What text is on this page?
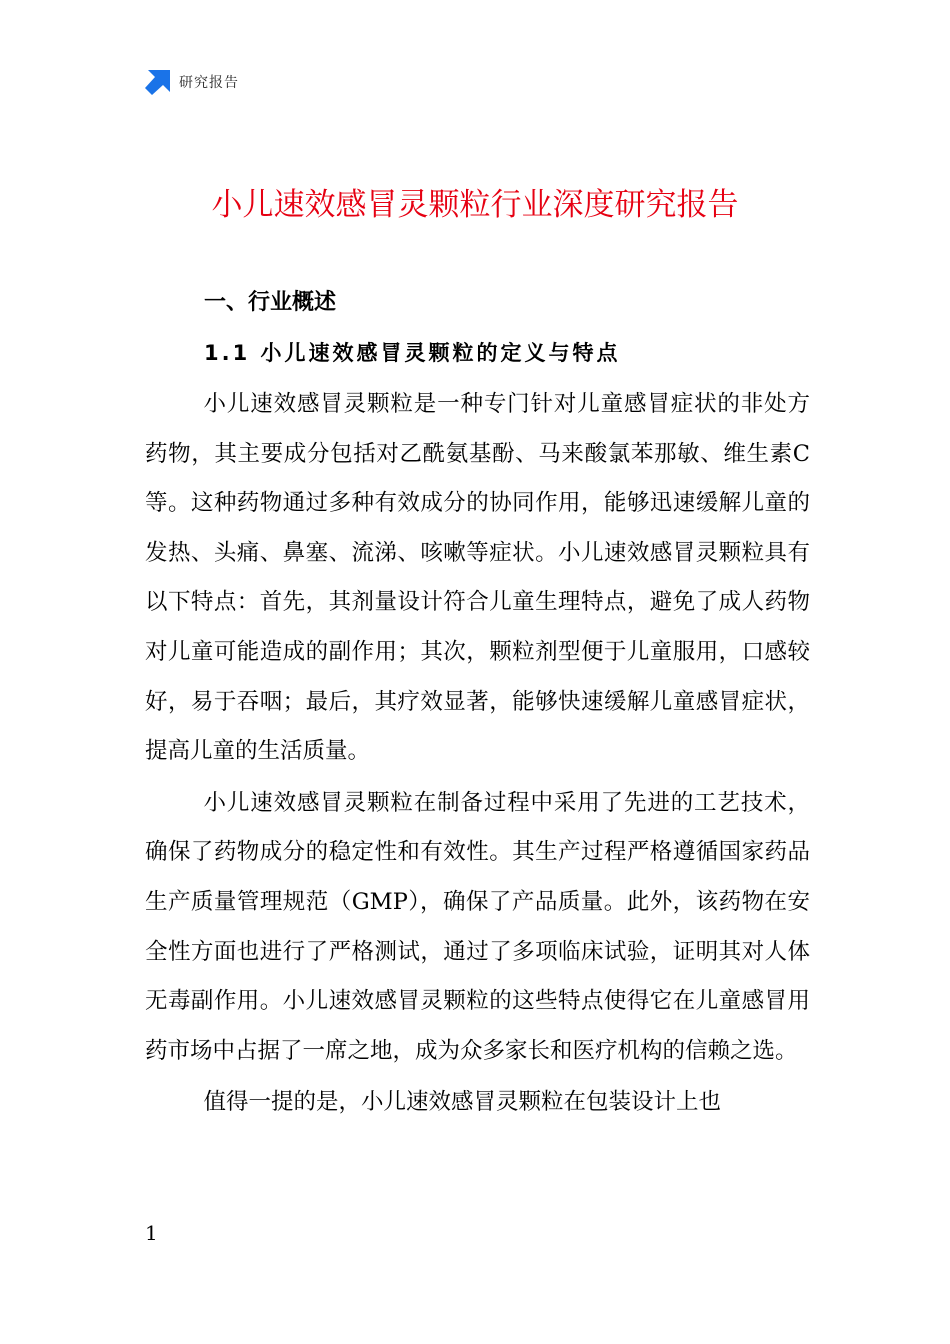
研究报告
小儿速效感冒灵颗粒行业深度研究报告
一、行业概述
1.1 小儿速效感冒灵颗粒的定义与特点

小儿速效感冒灵颗粒是一种专门针对儿童感冒症状的非处方药物，其主要成分包括对乙酰氨基酚、马来酸氯苯那敏、维生素C等。这种药物通过多种有效成分的协同作用，能够迅速缓解儿童的发热、头痛、鼻塞、流涕、咳嗽等症状。小儿速效感冒灵颗粒具有以下特点：首先，其剂量设计符合儿童生理特点，避免了成人药物对儿童可能造成的副作用；其次，颗粒剂型便于儿童服用，口感较好，易于吞咽；最后，其疗效显著，能够快速缓解儿童感冒症状，提高儿童的生活质量。

小儿速效感冒灵颗粒在制备过程中采用了先进的工艺技术，确保了药物成分的稳定性和有效性。其生产过程严格遵循国家药品生产质量管理规范（GMP），确保了产品质量。此外，该药物在安全性方面也进行了严格测试，通过了多项临床试验，证明其对人体无毒副作用。小儿速效感冒灵颗粒的这些特点使得它在儿童感冒用药市场中占据了一席之地，成为众多家长和医疗机构的信赖之选。

值得一提的是，小儿速效感冒灵颗粒在包装设计上也

1
